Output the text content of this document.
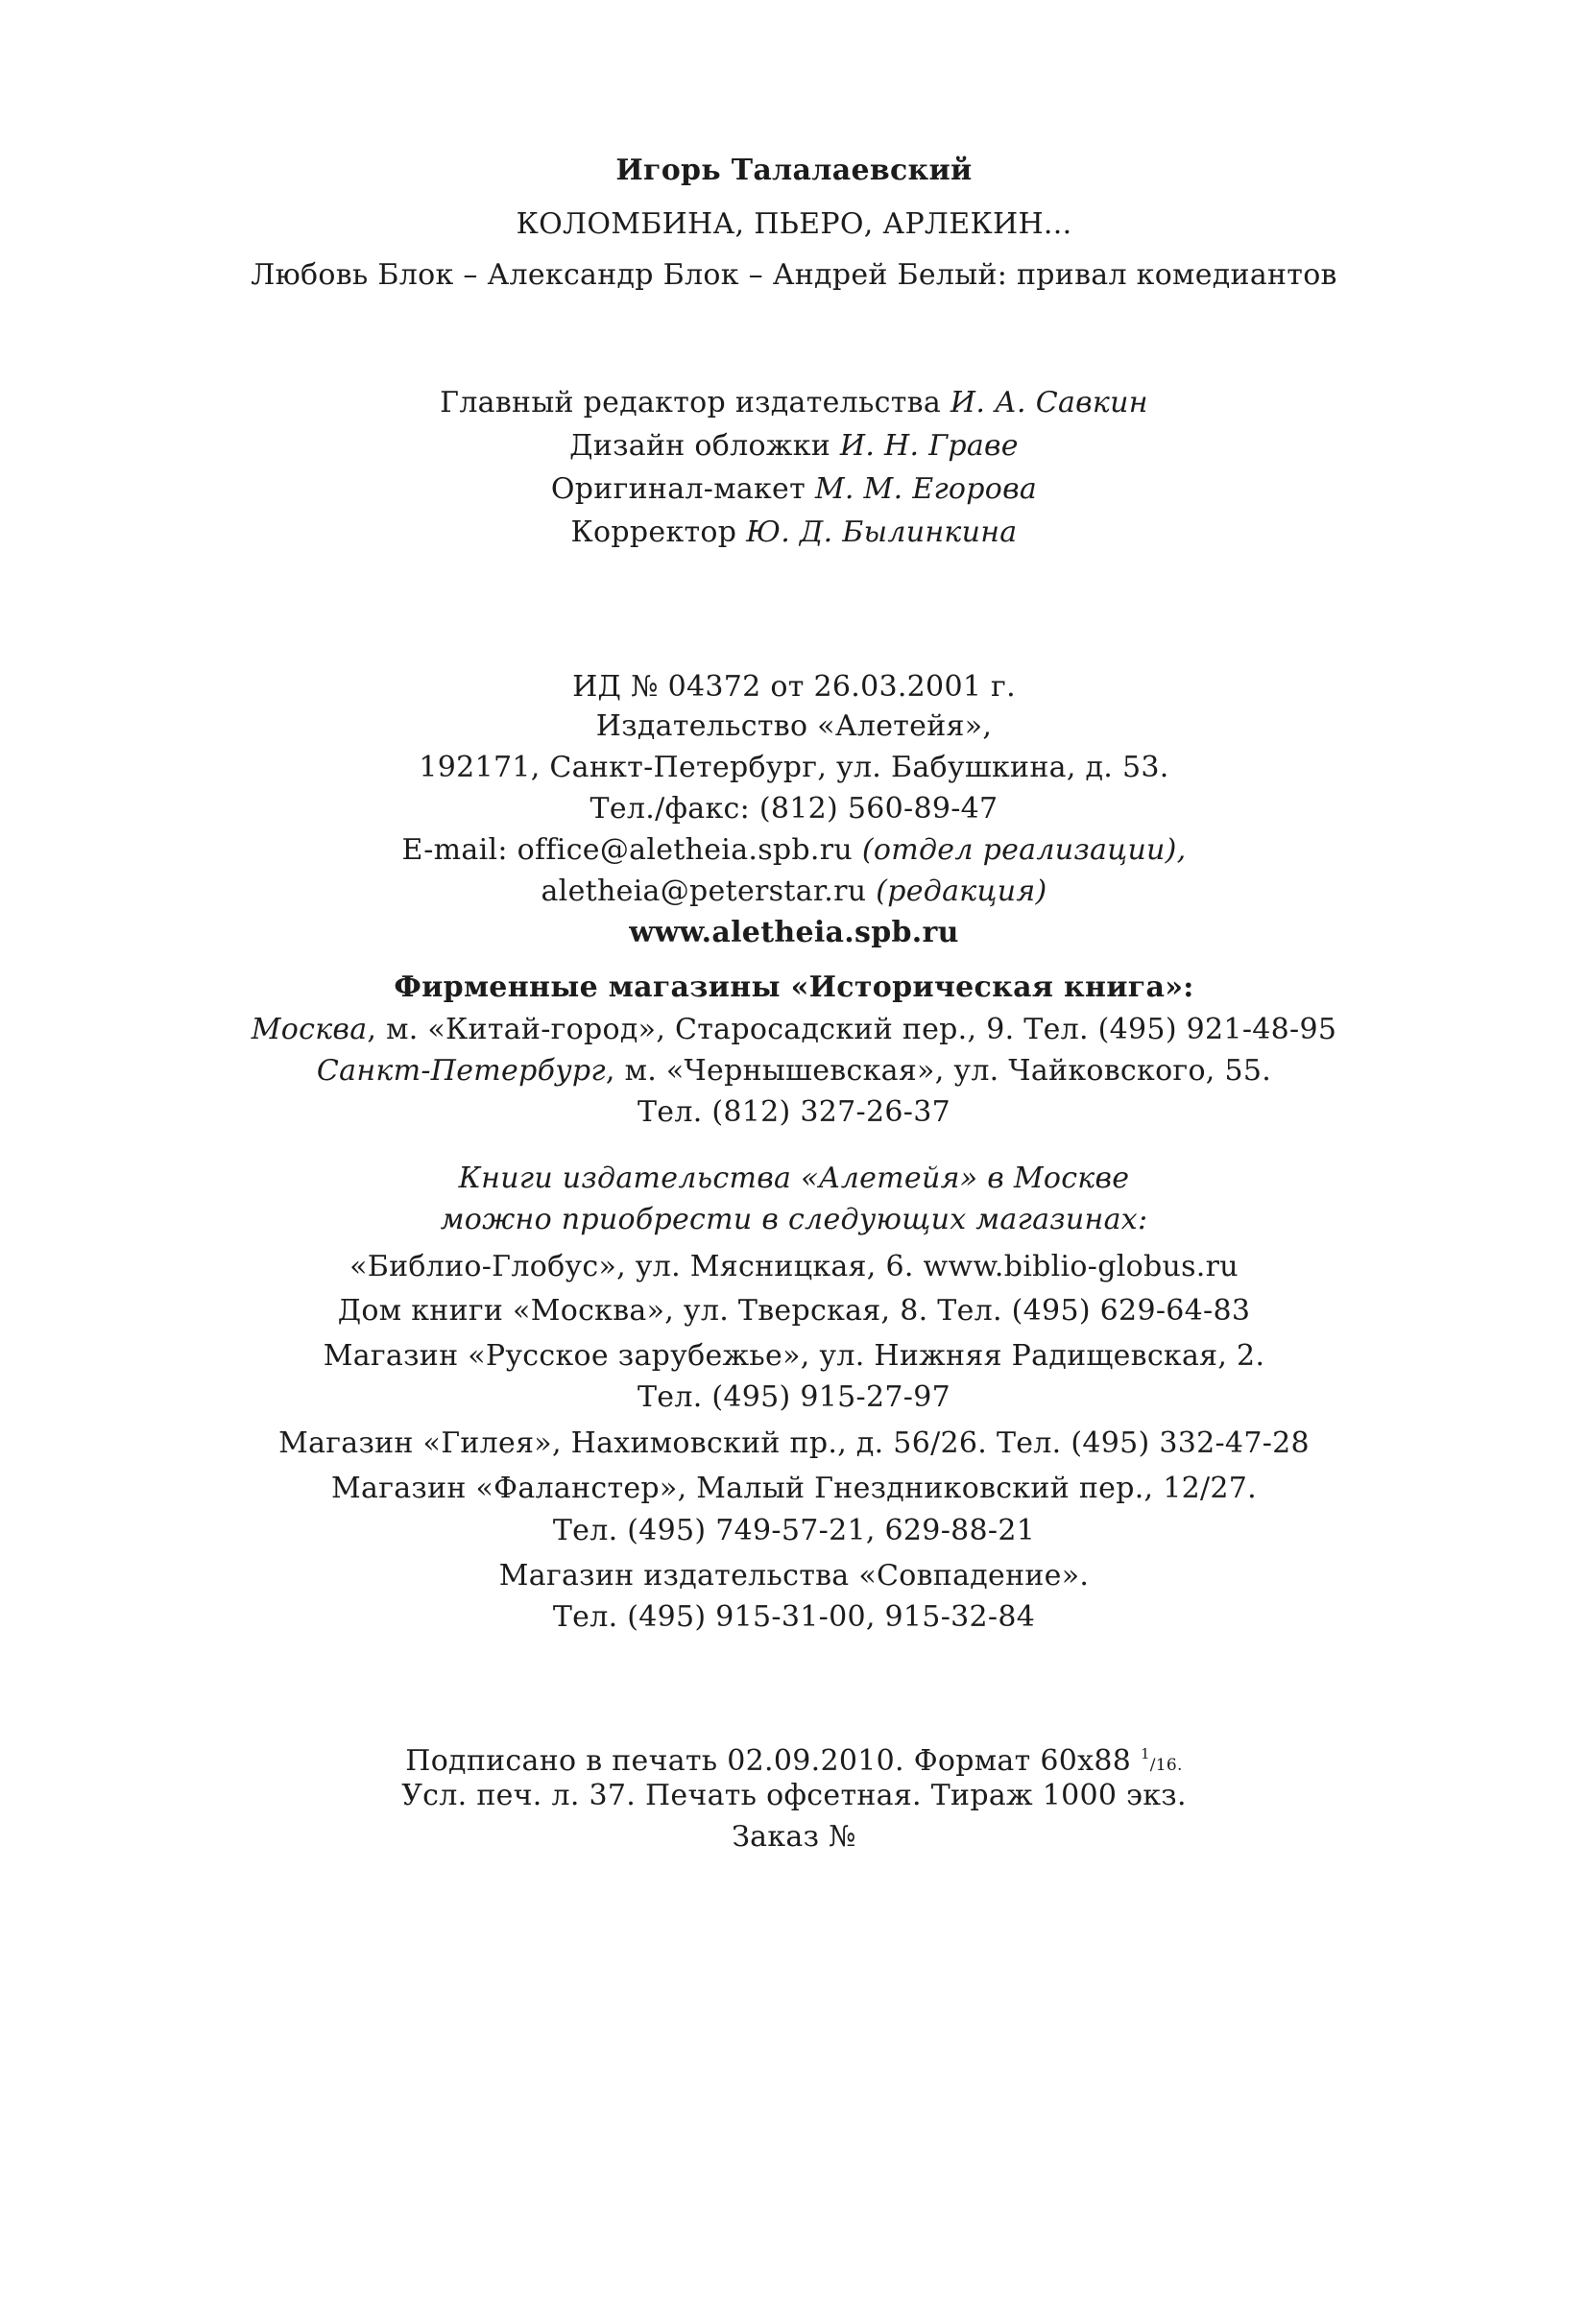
Игорь Талалаевский
КОЛОМБИНА, ПЬЕРО, АРЛЕКИН...
Любовь Блок – Александр Блок – Андрей Белый: привал комедиантов
Главный редактор издательства И. А. Савкин
Дизайн обложки И. Н. Граве
Оригинал-макет М. М. Егорова
Корректор Ю. Д. Былинкина
ИД № 04372 от 26.03.2001 г.
Издательство «Алетейя»,
192171, Санкт-Петербург, ул. Бабушкина, д. 53.
Тел./факс: (812) 560-89-47
E-mail: office@aletheia.spb.ru (отдел реализации),
aletheia@peterstar.ru (редакция)
www.aletheia.spb.ru
Фирменные магазины «Историческая книга»:
Москва, м. «Китай-город», Старосадский пер., 9. Тел. (495) 921-48-95
Санкт-Петербург, м. «Чернышевская», ул. Чайковского, 55.
Тел. (812) 327-26-37
Книги издательства «Алетейя» в Москве
можно приобрести в следующих магазинах:
«Библио-Глобус», ул. Мясницкая, 6. www.biblio-globus.ru
Дом книги «Москва», ул. Тверская, 8. Тел. (495) 629-64-83
Магазин «Русское зарубежье», ул. Нижняя Радищевская, 2.
Тел. (495) 915-27-97
Магазин «Гилея», Нахимовский пр., д. 56/26. Тел. (495) 332-47-28
Магазин «Фаланстер», Малый Гнездниковский пер., 12/27.
Тел. (495) 749-57-21, 629-88-21
Магазин издательства «Совпадение».
Тел. (495) 915-31-00, 915-32-84
Подписано в печать 02.09.2010. Формат 60х88 $^1$/16.
Усл. печ. л. 37. Печать офсетная. Тираж 1000 экз.
Заказ №
